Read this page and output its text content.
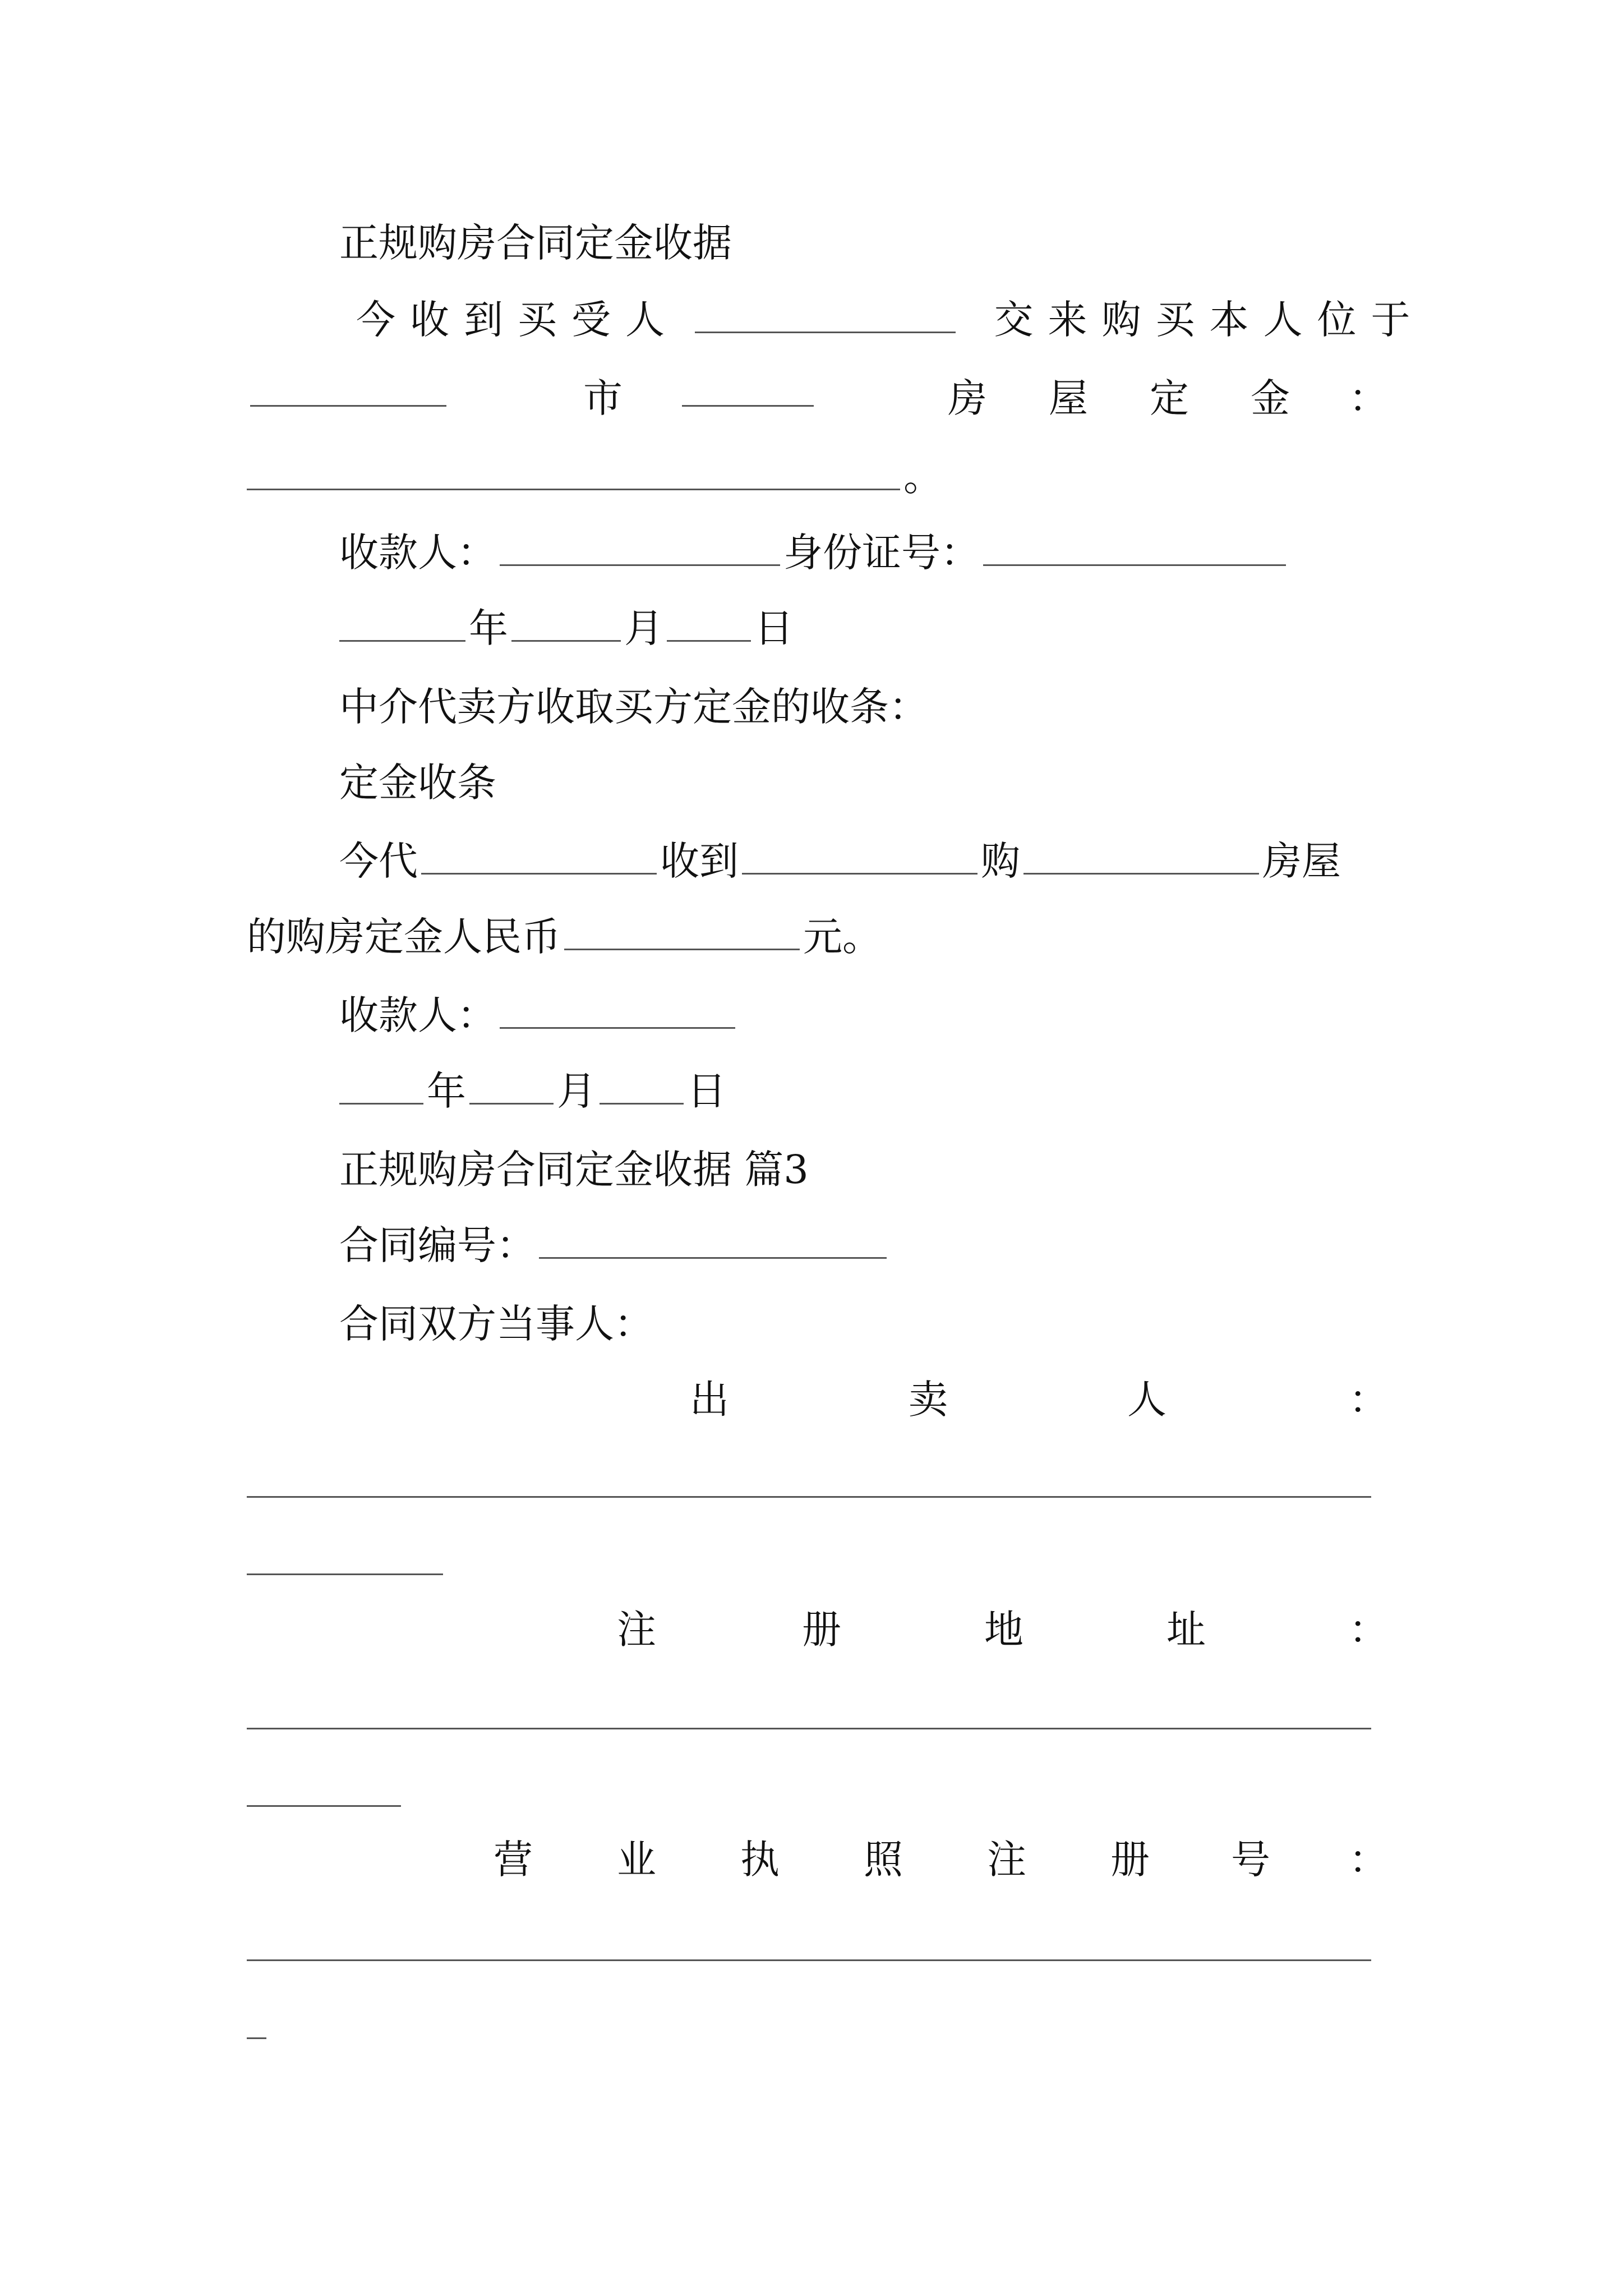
正规购房合同定金收据
今收到买受人	交来购买本人位于
市	房 屋 定 金 ：
。
收款人：	身份证号：
年	月 日
中介代卖方收取买方定金的收条：
定金收条
今代	收到	购	房屋
的购房定金人民币	元。
收款人：
年 月 日
正规购房合同定金收据 篇3
合同编号：
合同双方当事人：
出	卖	人	：
注	册	地	址	：
营 业 执 照 注 册 号 ：
